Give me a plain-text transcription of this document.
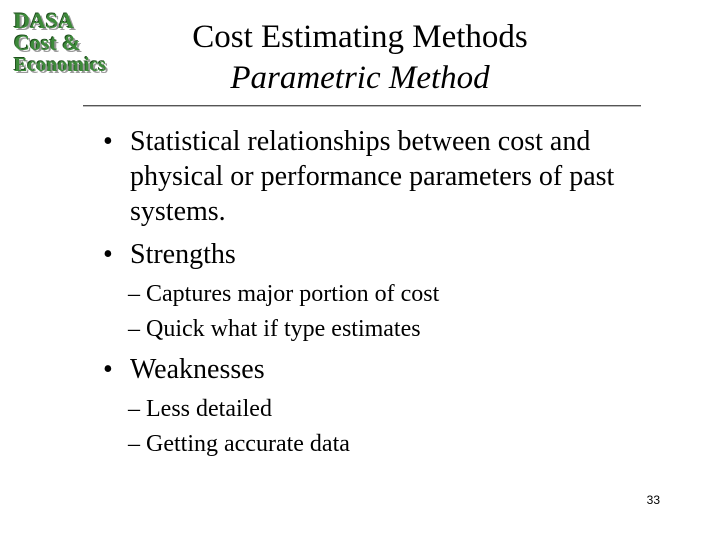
DASA
Cost &
Economics
Cost Estimating Methods
Parametric Method
• Statistical relationships between cost and physical or performance parameters of past systems.
• Strengths
– Captures major portion of cost
– Quick what if type estimates
• Weaknesses
– Less detailed
– Getting accurate data
33
